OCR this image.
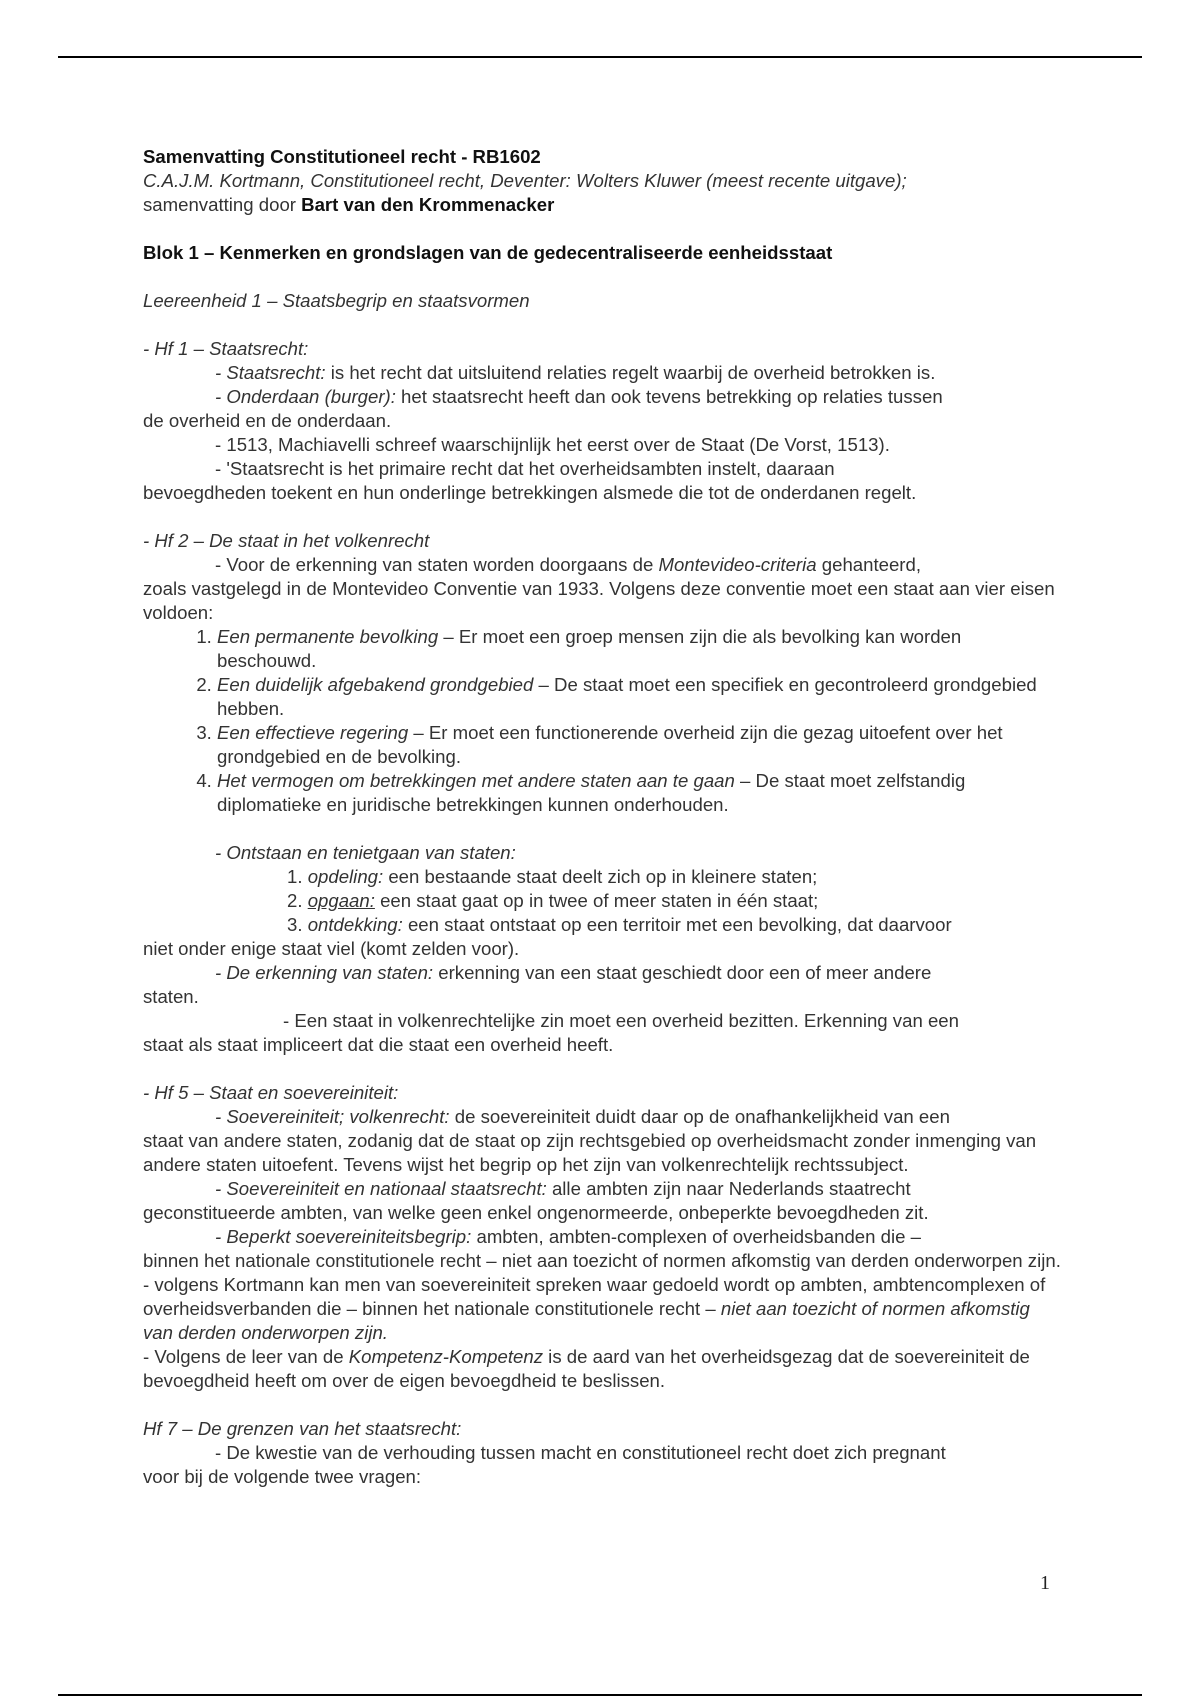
Samenvatting Constitutioneel recht - RB1602

C.A.J.M. Kortmann, Constitutioneel recht, Deventer: Wolters Kluwer (meest recente uitgave);

samenvatting door Bart van den Krommenacker

Blok 1 – Kenmerken en grondslagen van de gedecentraliseerde eenheidsstaat

Leereenheid 1 – Staatsbegrip en staatsvormen

- Hf 1 – Staatsrecht:

- Staatsrecht: is het recht dat uitsluitend relaties regelt waarbij de overheid betrokken is.

- Onderdaan (burger): het staatsrecht heeft dan ook tevens betrekking op relaties tussen

de overheid en de onderdaan.

- 1513, Machiavelli schreef waarschijnlijk het eerst over de Staat (De Vorst, 1513).

- 'Staatsrecht is het primaire recht dat het overheidsambten instelt, daaraan

bevoegdheden toekent en hun onderlinge betrekkingen alsmede die tot de onderdanen regelt.

- Hf 2 – De staat in het volkenrecht

- Voor de erkenning van staten worden doorgaans de Montevideo-criteria gehanteerd,

zoals vastgelegd in de Montevideo Conventie van 1933. Volgens deze conventie moet een staat aan vier eisen voldoen:

1. Een permanente bevolking – Er moet een groep mensen zijn die als bevolking kan worden beschouwd.
2. Een duidelijk afgebakend grondgebied – De staat moet een specifiek en gecontroleerd grondgebied hebben.
3. Een effectieve regering – Er moet een functionerende overheid zijn die gezag uitoefent over het grondgebied en de bevolking.
4. Het vermogen om betrekkingen met andere staten aan te gaan – De staat moet zelfstandig diplomatieke en juridische betrekkingen kunnen onderhouden.

- Ontstaan en tenietgaan van staten:

1. opdeling: een bestaande staat deelt zich op in kleinere staten;

2. opgaan: een staat gaat op in twee of meer staten in één staat;

3. ontdekking: een staat ontstaat op een territoir met een bevolking, dat daarvoor

niet onder enige staat viel (komt zelden voor).

- De erkenning van staten: erkenning van een staat geschiedt door een of meer andere

staten.

- Een staat in volkenrechtelijke zin moet een overheid bezitten. Erkenning van een

staat als staat impliceert dat die staat een overheid heeft.

- Hf 5 – Staat en soevereiniteit:

- Soevereiniteit; volkenrecht: de soevereiniteit duidt daar op de onafhankelijkheid van een

staat van andere staten, zodanig dat de staat op zijn rechtsgebied op overheidsmacht zonder inmenging van andere staten uitoefent. Tevens wijst het begrip op het zijn van volkenrechtelijk rechtssubject.

- Soevereiniteit en nationaal staatsrecht: alle ambten zijn naar Nederlands staatrecht

geconstitueerde ambten, van welke geen enkel ongenormeerde, onbeperkte bevoegdheden zit.

- Beperkt soevereiniteitsbegrip: ambten, ambten-complexen of overheidsbanden die –

binnen het nationale constitutionele recht – niet aan toezicht of normen afkomstig van derden onderworpen zijn.

- volgens Kortmann kan men van soevereiniteit spreken waar gedoeld wordt op ambten, ambtencomplexen of overheidsverbanden die – binnen het nationale constitutionele recht – niet aan toezicht of normen afkomstig van derden onderworpen zijn.

- Volgens de leer van de Kompetenz-Kompetenz is de aard van het overheidsgezag dat de soevereiniteit de bevoegdheid heeft om over de eigen bevoegdheid te beslissen.

Hf 7 – De grenzen van het staatsrecht:

- De kwestie van de verhouding tussen macht en constitutioneel recht doet zich pregnant

voor bij de volgende twee vragen:

1
